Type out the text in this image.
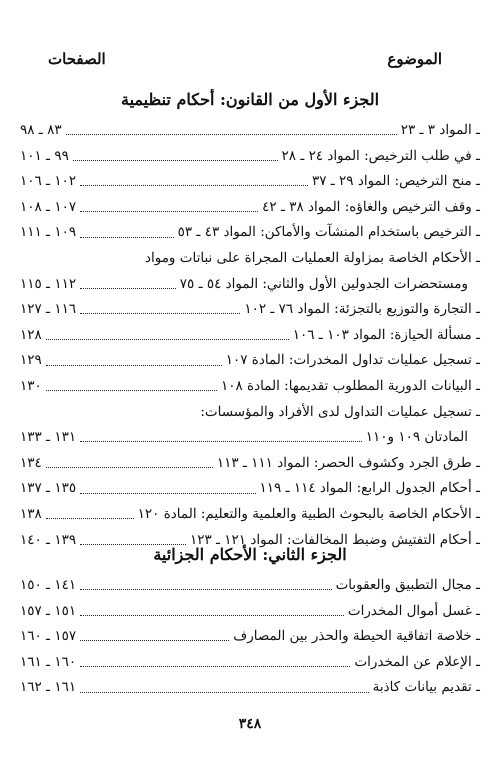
الموضوع
الصفحات
الجزء الأول من القانون: أحكام تنظيمية
ـ المواد ٣ ـ ٢٣
٨٣ ـ ٩٨
ـ في طلب الترخيص: المواد ٢٤ ـ ٢٨
٩٩ ـ ١٠١
ـ منح الترخيص: المواد ٢٩ ـ ٣٧
١٠٢ ـ ١٠٦
ـ وقف الترخيص والغاؤه: المواد ٣٨ ـ ٤٢
١٠٧ ـ ١٠٨
ـ الترخيص باستخدام المنشآت والأماكن: المواد ٤٣ ـ ٥٣
١٠٩ ـ ١١١
ـ الأحكام الخاصة بمزاولة العمليات المجراة على نباتات ومواد
ومستحضرات الجدولين الأول والثاني: المواد ٥٤ ـ ٧٥
١١٢ ـ ١١٥
ـ التجارة والتوزيع بالتجزئة: المواد ٧٦ ـ ١٠٢
١١٦ ـ ١٢٧
ـ مسألة الحيازة: المواد ١٠٣ ـ ١٠٦
١٢٨
ـ تسجيل عمليات تداول المخدرات: المادة ١٠٧
١٢٩
ـ البيانات الدورية المطلوب تقديمها: المادة ١٠٨
١٣٠
ـ تسجيل عمليات التداول لدى الأفراد والمؤسسات:
المادتان ١٠٩ و١١٠
١٣١ ـ ١٣٣
ـ طرق الجرد وكشوف الحصر: المواد ١١١ ـ ١١٣
١٣٤
ـ أحكام الجدول الرابع: المواد ١١٤ ـ ١١٩
١٣٥ ـ ١٣٧
ـ الأحكام الخاصة بالبحوث الطبية والعلمية والتعليم: المادة ١٢٠
١٣٨
ـ أحكام التفتيش وضبط المخالفات: المواد ١٢١ ـ ١٢٣
١٣٩ ـ ١٤٠
الجزء الثاني: الأحكام الجزائية
ـ مجال التطبيق والعقوبات
١٤١ ـ ١٥٠
ـ غسل أموال المخدرات
١٥١ ـ ١٥٧
ـ خلاصة اتفاقية الحيطة والحذر بين المصارف
١٥٧ ـ ١٦٠
ـ الإعلام عن المخدرات
١٦٠ ـ ١٦١
ـ تقديم بيانات كاذبة
١٦١ ـ ١٦٢
٣٤٨
